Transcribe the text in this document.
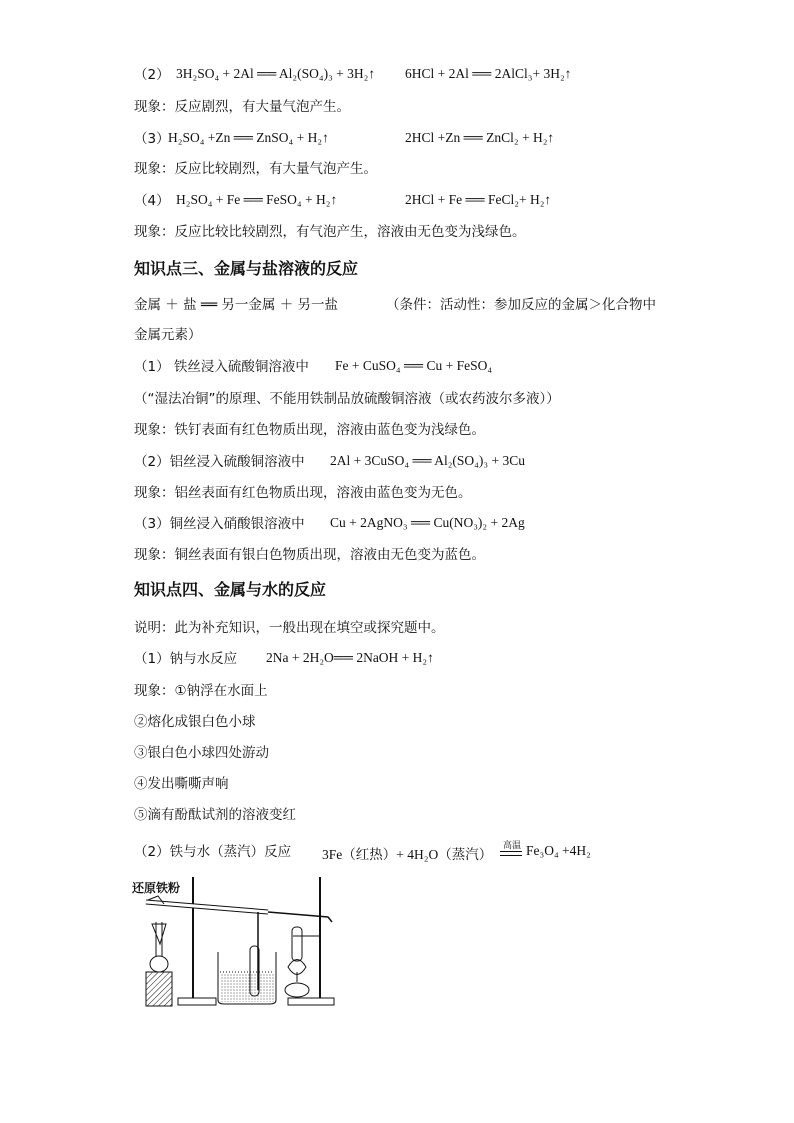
（2） 3H₂SO₄ + 2Al ══ Al₂(SO₄)₃ + 3H₂↑ 6HCl + 2Al ══ 2AlCl₃+ 3H₂↑
现象：反应剧烈，有大量气泡产生。
（3）
H₂SO₄ +Zn ══ ZnSO₄ + H₂↑	2HCl +Zn ══ ZnCl₂ + H₂↑
现象：反应比较剧烈，有大量气泡产生。
（4） H₂SO₄ + Fe ══ FeSO₄ + H₂↑	2HCl + Fe ══ FeCl₂+ H₂↑
现象：反应比较比较剧烈，有气泡产生，溶液由无色变为浅绿色。
知识点三、金属与盐溶液的反应
金属 ＋ 盐 ══ 另一金属 ＋ 另一盐	（条件：活动性：参加反应的金属＞化合物中
金属元素）
（1） 铁丝浸入硫酸铜溶液中 Fe + CuSO₄ ══ Cu + FeSO₄
（“湿法冶铜”的原理、不能用铁制品放硫酸铜溶液（或农药波尔多液））
现象：铁钉表面有红色物质出现，溶液由蓝色变为浅绿色。
（2）铝丝浸入硫酸铜溶液中 2Al + 3CuSO₄ ══ Al₂(SO₄)₃ + 3Cu
现象：铝丝表面有红色物质出现，溶液由蓝色变为无色。
（3）铜丝浸入硝酸银溶液中 Cu + 2AgNO₃ ══ Cu(NO₃)₂ + 2Ag
现象：铜丝表面有银白色物质出现，溶液由无色变为蓝色。
知识点四、金属与水的反应
说明：此为补充知识，一般出现在填空或探究题中。
（1）钠与水反应 2Na + 2H₂O══ 2NaOH + H₂↑
现象：①钠浮在水面上
②熔化成银白色小球
③银白色小球四处游动
④发出嘶嘶声响
⑤滴有酚酞试剂的溶液变红
（2）铁与水（蒸汽）反应 3Fe（红热）+ 4H₂O（蒸汽）
高温 Fe₃O₄ +4H₂
还原铁粉
